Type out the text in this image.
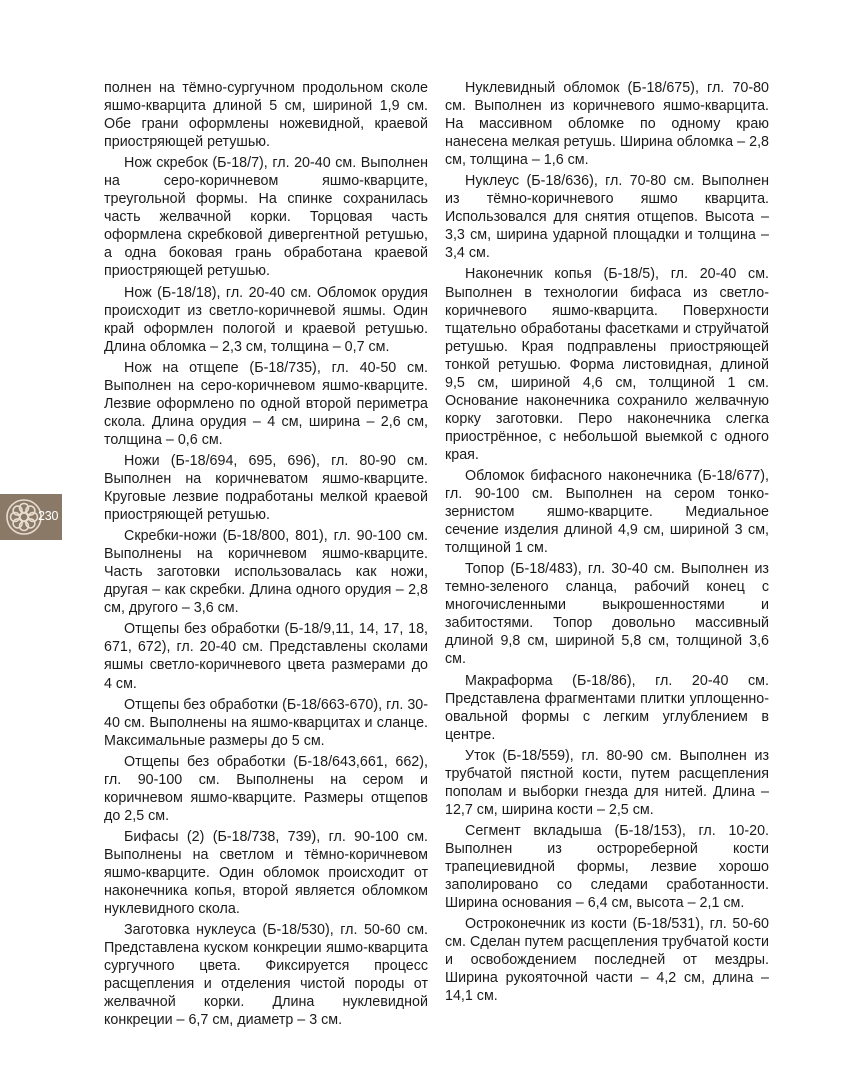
230

полнен на тёмно-сургучном продольном сколе яшмо-кварцита длиной 5 см, шириной 1,9 см. Обе грани оформлены ножевидной, краевой приостряющей ретушью.

Нож скребок (Б-18/7), гл. 20-40 см. Выполнен на серо-коричневом яшмо-кварците, треугольной формы. На спинке сохранилась часть желвачной корки. Торцовая часть оформлена скребковой дивергентной ретушью, а одна боковая грань обработана краевой приостряющей ретушью.

Нож (Б-18/18), гл. 20-40 см. Обломок орудия происходит из светло-коричневой яшмы. Один край оформлен пологой и краевой ретушью. Длина обломка – 2,3 см, толщина – 0,7 см.

Нож на отщепе (Б-18/735), гл. 40-50 см. Выполнен на серо-коричневом яшмо-кварците. Лезвие оформлено по одной второй периметра скола. Длина орудия – 4 см, ширина – 2,6 см, толщина – 0,6 см.

Ножи (Б-18/694, 695, 696), гл. 80-90 см. Выполнен на коричневатом яшмо-кварците. Круговые лезвие подработаны мелкой краевой приостряющей ретушью.

Скребки-ножи (Б-18/800, 801), гл. 90-100 см. Выполнены на коричневом яшмо-кварците. Часть заготовки использовалась как ножи, другая – как скребки. Длина одного орудия – 2,8 см, другого – 3,6 см.

Отщепы без обработки (Б-18/9,11, 14, 17, 18, 671, 672), гл. 20-40 см. Представлены сколами яшмы светло-коричневого цвета размерами до 4 см.

Отщепы без обработки (Б-18/663-670), гл. 30-40 см. Выполнены на яшмо-кварцитах и сланце. Максимальные размеры до 5 см.

Отщепы без обработки (Б-18/643,661, 662), гл. 90-100 см. Выполнены на сером и коричневом яшмо-кварците. Размеры отщепов до 2,5 см.

Бифасы (2) (Б-18/738, 739), гл. 90-100 см. Выполнены на светлом и тёмно-коричневом яшмо-кварците. Один обломок происходит от наконечника копья, второй является обломком нуклевидного скола.

Заготовка нуклеуса (Б-18/530), гл. 50-60 см. Представлена куском конкреции яшмо-кварцита сургучного цвета. Фиксируется процесс расщепления и отделения чистой породы от желвачной корки. Длина нуклевидной конкреции – 6,7 см, диаметр – 3 см.

Нуклевидный обломок (Б-18/675), гл. 70-80 см. Выполнен из коричневого яшмо-кварцита. На массивном обломке по одному краю нанесена мелкая ретушь. Ширина обломка – 2,8 см, толщина – 1,6 см.

Нуклеус (Б-18/636), гл. 70-80 см. Выполнен из тёмно-коричневого яшмо кварцита. Использовался для снятия отщепов. Высота – 3,3 см, ширина ударной площадки и толщина – 3,4 см.

Наконечник копья (Б-18/5), гл. 20-40 см. Выполнен в технологии бифаса из светло-коричневого яшмо-кварцита. Поверхности тщательно обработаны фасетками и струйчатой ретушью. Края подправлены приостряющей тонкой ретушью. Форма листовидная, длиной 9,5 см, шириной 4,6 см, толщиной 1 см. Основание наконечника сохранило желвачную корку заготовки. Перо наконечника слегка приострённое, с небольшой выемкой с одного края.

Обломок бифасного наконечника (Б-18/677), гл. 90-100 см. Выполнен на сером тонко-зернистом яшмо-кварците. Медиальное сечение изделия длиной 4,9 см, шириной 3 см, толщиной 1 см.

Топор (Б-18/483), гл. 30-40 см. Выполнен из темно-зеленого сланца, рабочий конец с многочисленными выкрошенностями и забитостями. Топор довольно массивный длиной 9,8 см, шириной 5,8 см, толщиной 3,6 см.

Макраформа (Б-18/86), гл. 20-40 см. Представлена фрагментами плитки уплощенно-овальной формы с легким углублением в центре.

Уток (Б-18/559), гл. 80-90 см. Выполнен из трубчатой пястной кости, путем расщепления пополам и выборки гнезда для нитей. Длина – 12,7 см, ширина кости – 2,5 см.

Сегмент вкладыша (Б-18/153), гл. 10-20. Выполнен из острореберной кости трапециевидной формы, лезвие хорошо заполировано со следами сработанности. Ширина основания – 6,4 см, высота – 2,1 см.

Остроконечник из кости (Б-18/531), гл. 50-60 см. Сделан путем расщепления трубчатой кости и освобождением последней от мездры. Ширина рукояточной части – 4,2 см, длина – 14,1 см.
